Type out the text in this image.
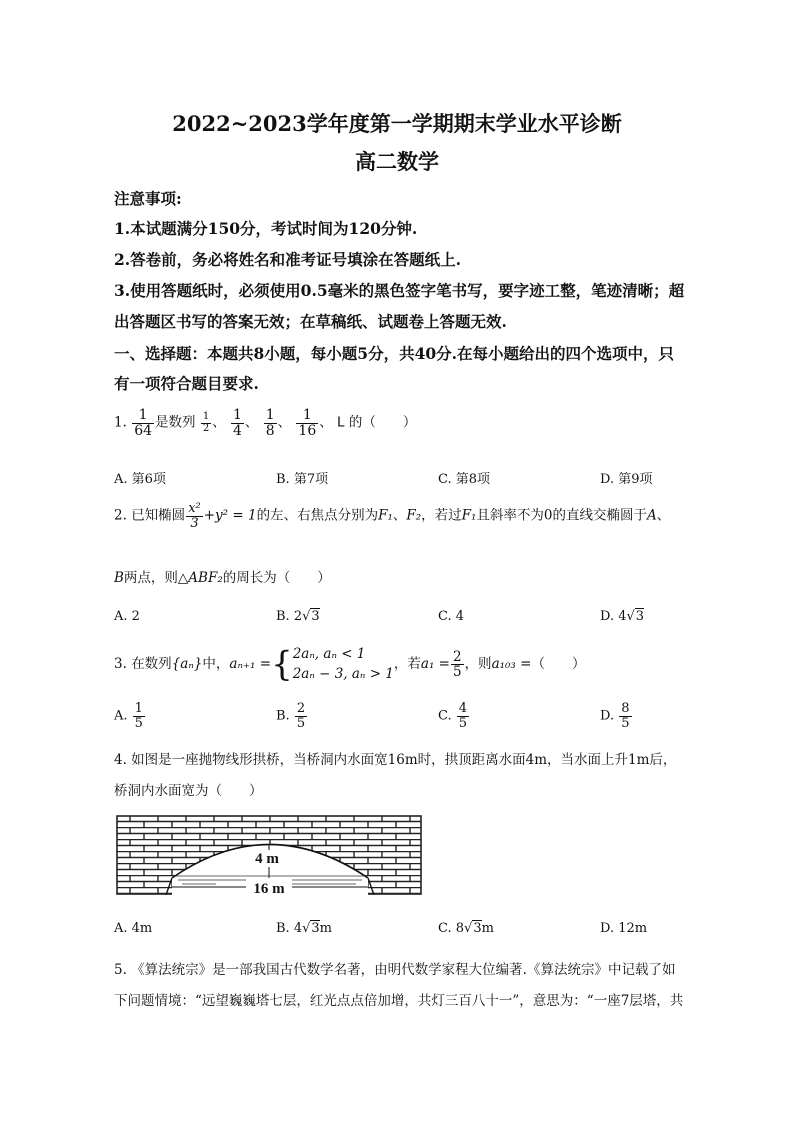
2022~2023学年度第一学期期末学业水平诊断
高二数学
注意事项:
1.本试题满分150分，考试时间为120分钟.
2.答卷前，务必将姓名和准考证号填涂在答题纸上.
3.使用答题纸时，必须使用0.5毫米的黑色签字笔书写，要字迹工整，笔迹清晰；超
出答题区书写的答案无效；在草稿纸、试题卷上答题无效.
一、选择题：本题共8小题，每小题5分，共40分.在每小题给出的四个选项中，只
有一项符合题目要求.
1. $\frac{1}{64}$ 是数列 $\frac{1}{2}$ 、 $\frac{1}{4}$ 、 $\frac{1}{8}$ 、 $\frac{1}{16}$ 、 L 的（　　）
A. 第6项	B. 第7项	C. 第8项	D. 第9项
2. 已知椭圆 $\frac{\text{x²}}{3} +y^2 = 1$的左、右焦点分别为F₁、F₂，若过F₁且斜率不为0的直线交椭圆于A、
B两点，则△ABF₂的周长为（　　）
A. 2	B. 2√3	C. 4	D. 4√3
3. 在数列{aₙ}中，aₙ₊₁ ={ 2aₙ, aₙ < 1
2aₙ − 3, aₙ > 1
，若$a_1 = \frac{2}{5}$ ，则a₁₀₃ =（　　）
A. $\frac{1}{5}$	B. $\frac{2}{5}$	C. $\frac{4}{5}$	D. $\frac{8}{5}$
4. 如图是一座抛物线形拱桥，当桥洞内水面宽16m时，拱顶距离水面4m，当水面上升1m后，
桥洞内水面宽为（　　）
4 m
16 m
A. 4m	B. 4√3m	C. 8√3m	D. 12m
5. 《算法统宗》是一部我国古代数学名著，由明代数学家程大位编著.《算法统宗》中记载了如
下问题情境：“远望巍巍塔七层，红光点点倍加增，共灯三百八十一”，意思为：“一座7层塔，共
